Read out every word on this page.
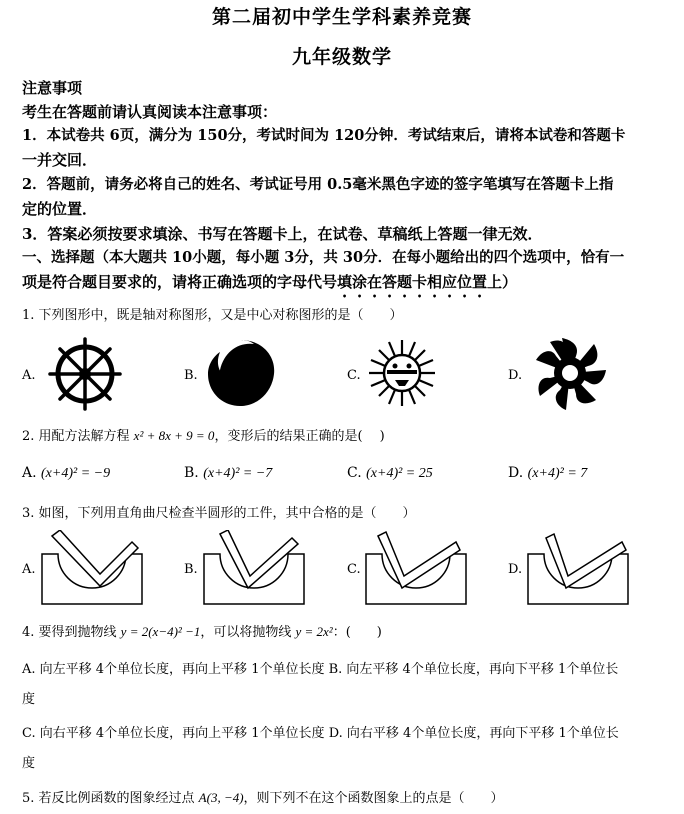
第二届初中学生学科素养竞赛
九年级数学
注意事项
考生在答题前请认真阅读本注意事项：
1．本试卷共 6页，满分为 150分，考试时间为 120分钟．考试结束后，请将本试卷和答题卡
一并交回．
2．答题前，请务必将自己的姓名、考试证号用 0.5毫米黑色字迹的签字笔填写在答题卡上指
定的位置．
3．答案必须按要求填涂、书写在答题卡上，在试卷、草稿纸上答题一律无效．
一、选择题（本大题共 10小题，每小题 3分，共 30分．在每小题给出的四个选项中，恰有一
项是符合题目要求的，请将正确选项的字母代号填涂在答题卡相应位置上）
1. 下列图形中，既是轴对称图形，又是中心对称图形的是（　　）
A.	B.	C.	D.
2. 用配方法解方程 x² + 8x + 9 = 0，变形后的结果正确的是(　 )
A. (x+4)² = −9	B. (x+4)² = −7	C. (x+4)² = 25	D. (x+4)² = 7
3. 如图，下列用直角曲尺检查半圆形的工件，其中合格的是（　　）
A.	B.	C.	D.
4. 要得到抛物线 y = 2(x−4)² −1，可以将抛物线 y = 2x²：(　　)
A. 向左平移 4个单位长度，再向上平移 1个单位长度 B. 向左平移 4个单位长度，再向下平移 1个单位长
度
C. 向右平移 4个单位长度，再向上平移 1个单位长度 D. 向右平移 4个单位长度，再向下平移 1个单位长
度
5. 若反比例函数的图象经过点 A(3, −4)，则下列不在这个函数图象上的点是（　　）
